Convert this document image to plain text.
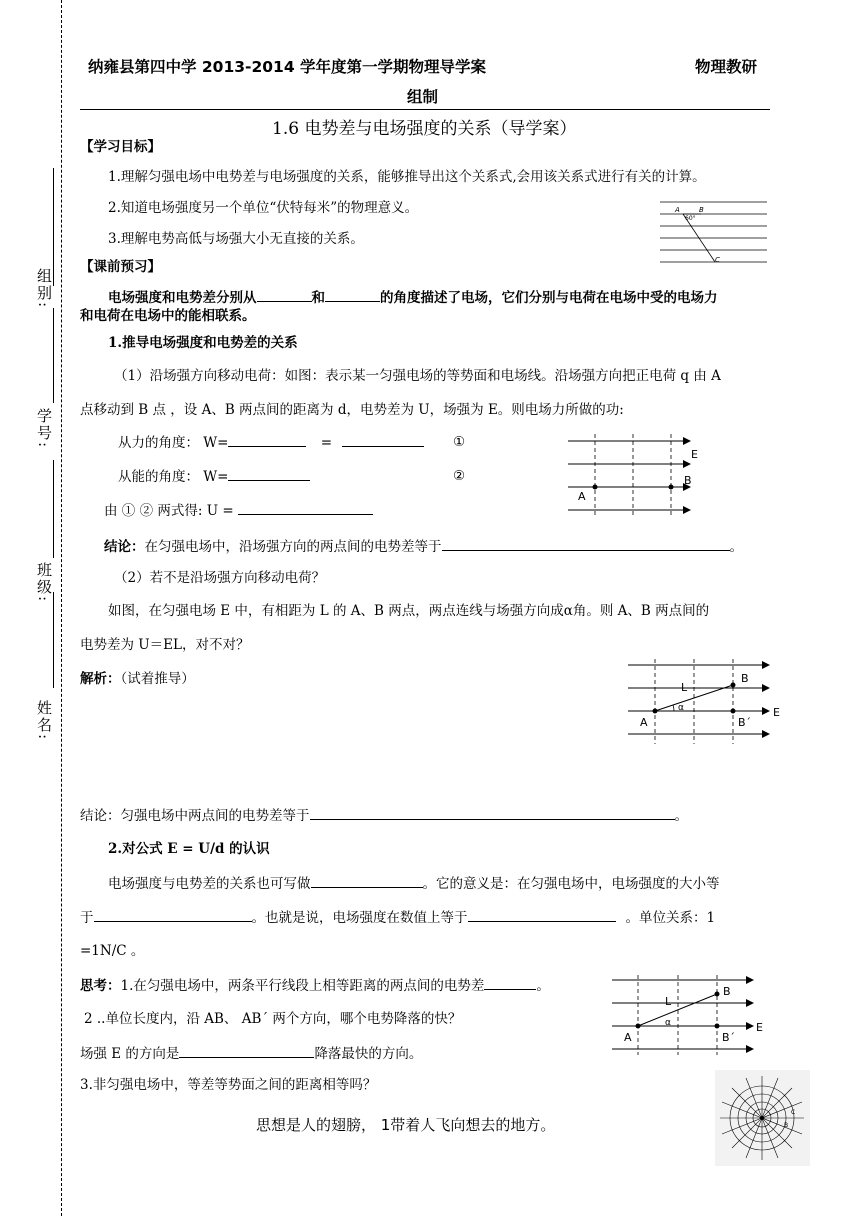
组别:
学号:
班级:
姓名:
纳雍县第四中学 2013-2014 学年度第一学期物理导学案	物理教研
组制
1.6 电势差与电场强度的关系（导学案）
【学习目标】
1.理解匀强电场中电势差与电场强度的关系，能够推导出这个关系式,会用该关系式进行有关的计算。
2.知道电场强度另一个单位“伏特每米”的物理意义。
3.理解电势高低与场强大小无直接的关系。
A	B
60°
C
【课前预习】
电场强度和电势差分别从	和	的角度描述了电场，它们分别与电荷在电场中受的电场力
和电荷在电场中的能相联系。
1.推导电场强度和电势差的关系
（1）沿场强方向移动电荷：如图：表示某一匀强电场的等势面和电场线。沿场强方向把正电荷 q 由 A
点移动到 B 点 ，设 A、B 两点间的距离为 d，电势差为 U，场强为 E。则电场力所做的功:
从力的角度： W=	=	①
从能的角度： W=	②
由 ① ② 两式得: U =
E
B
A
结论：在匀强电场中，沿场强方向的两点间的电势差等于	。
（2）若不是沿场强方向移动电荷？
如图，在匀强电场 E 中，有相距为 L 的 A、B 两点，两点连线与场强方向成α角。则 A、B 两点间的
电势差为 U＝EL，对不对？
解析：（试着推导）	B
L
α
A	B´
E
结论：匀强电场中两点间的电势差等于	。
2.对公式 E = U/d 的认识
电场强度与电势差的关系也可写做	。它的意义是：在匀强电场中，电场强度的大小等
于	。也就是说，电场强度在数值上等于	。单位关系：1
=1N/C 。
思考：1.在匀强电场中，两条平行线段上相等距离的两点间的电势差	。
2 ..单位长度内，沿 AB、 AB´ 两个方向，哪个电势降落的快？
场强 E 的方向是	降落最快的方向。
3.非匀强电场中，等差等势面之间的距离相等吗？
B
L
α
A	B´
E
C
B
思想是人的翅膀， 1带着人飞向想去的地方。
